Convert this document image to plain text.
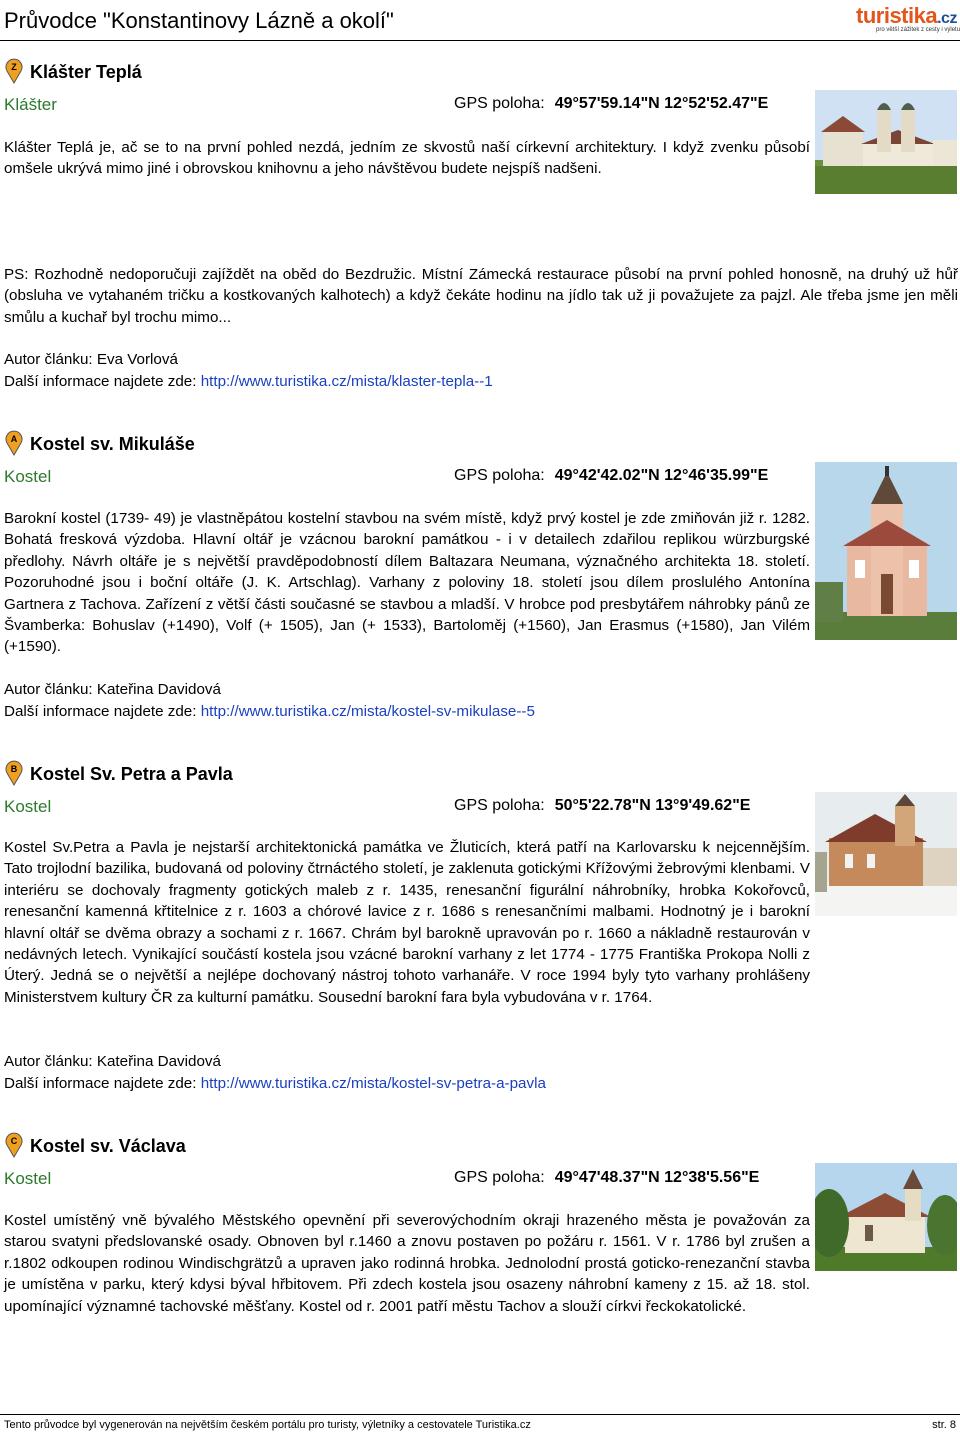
Průvodce "Konstantinovy Lázně a okolí"	turistika.cz
pro větší zážitek z cesty i výletu
Z Klášter Teplá
Klášter	GPS poloha: 49°57'59.14"N 12°52'52.47"E

Klášter Teplá je, ač se to na první pohled nezdá, jedním ze skvostů naší církevní architektury. I když zvenku působí omšele ukrývá mimo jiné i obrovskou knihovnu a jeho návštěvou budete nejspíš nadšeni.

PS: Rozhodně nedoporučuji zajíždět na oběd do Bezdružic. Místní Zámecká restaurace působí na první pohled honosně, na druhý už hůř (obsluha ve vytahaném tričku a kostkovaných kalhotech) a když čekáte hodinu na jídlo tak už ji považujete za pajzl. Ale třeba jsme jen měli smůlu a kuchař byl trochu mimo...

Autor článku: Eva Vorlová
Další informace najdete zde: http://www.turistika.cz/mista/klaster-tepla--1
A Kostel sv. Mikuláše
Kostel	GPS poloha: 49°42'42.02"N 12°46'35.99"E

Barokní kostel (1739- 49) je vlastněpátou kostelní stavbou na svém místě, když prvý kostel je zde zmiňován již r. 1282. Bohatá fresková výzdoba. Hlavní oltář je vzácnou barokní památkou - i v detailech zdařilou replikou würzburgské předlohy. Návrh oltáře je s největší pravděpodobností dílem Baltazara Neumana, význačného architekta 18. století. Pozoruhodné jsou i boční oltáře (J. K. Artschlag). Varhany z poloviny 18. století jsou dílem proslulého Antonína Gartnera z Tachova. Zařízení z větší části současné se stavbou a mladší. V hrobce pod presbytářem náhrobky pánů ze Švamberka: Bohuslav (+1490), Volf (+ 1505), Jan (+ 1533), Bartoloměj (+1560), Jan Erasmus (+1580), Jan Vilém (+1590).

Autor článku: Kateřina Davidová
Další informace najdete zde: http://www.turistika.cz/mista/kostel-sv-mikulase--5
B Kostel Sv. Petra a Pavla
Kostel	GPS poloha: 50°5'22.78"N 13°9'49.62"E

Kostel Sv.Petra a Pavla je nejstarší architektonická památka ve Žluticích, která patří na Karlovarsku k nejcennějším. Tato trojlodní bazilika, budovaná od poloviny čtrnáctého století, je zaklenuta gotickými Křížovými žebrovými klenbami. V interiéru se dochovaly fragmenty gotických maleb z r. 1435, renesanční figurální náhrobníky, hrobka Kokořovců, renesanční kamenná křtitelnice z r. 1603 a chórové lavice z r. 1686 s renesančními malbami. Hodnotný je i barokní hlavní oltář se dvěma obrazy a sochami z r. 1667. Chrám byl barokně upravován po r. 1660 a nákladně restaurován v nedávných letech. Vynikající součástí kostela jsou vzácné barokní varhany z let 1774 - 1775 Františka Prokopa Nolli z Úterý. Jedná se o největší a nejlépe dochovaný nástroj tohoto varhanáře. V roce 1994 byly tyto varhany prohlášeny Ministerstvem kultury ČR za kulturní památku. Sousední barokní fara byla vybudována v r. 1764.

Autor článku: Kateřina Davidová
Další informace najdete zde: http://www.turistika.cz/mista/kostel-sv-petra-a-pavla
C Kostel sv. Václava
Kostel	GPS poloha: 49°47'48.37"N 12°38'5.56"E

Kostel umístěný vně bývalého Městského opevnění při severovýchodním okraji hrazeného města je považován za starou svatyni předslovanské osady. Obnoven byl r.1460 a znovu postaven po požáru r. 1561. V r. 1786 byl zrušen a r.1802 odkoupen rodinou Windischgrätzů a upraven jako rodinná hrobka. Jednolodní prostá goticko-renezanční stavba je umístěna v parku, který kdysi býval hřbitovem. Při zdech kostela jsou osazeny náhrobní kameny z 15. až 18. stol. upomínající významné tachovské měšťany. Kostel od r. 2001 patří městu Tachov a slouží církvi řeckokatolické.

Tento průvodce byl vygenerován na největším českém portálu pro turisty, výletníky a cestovatele Turistika.cz	str. 8
